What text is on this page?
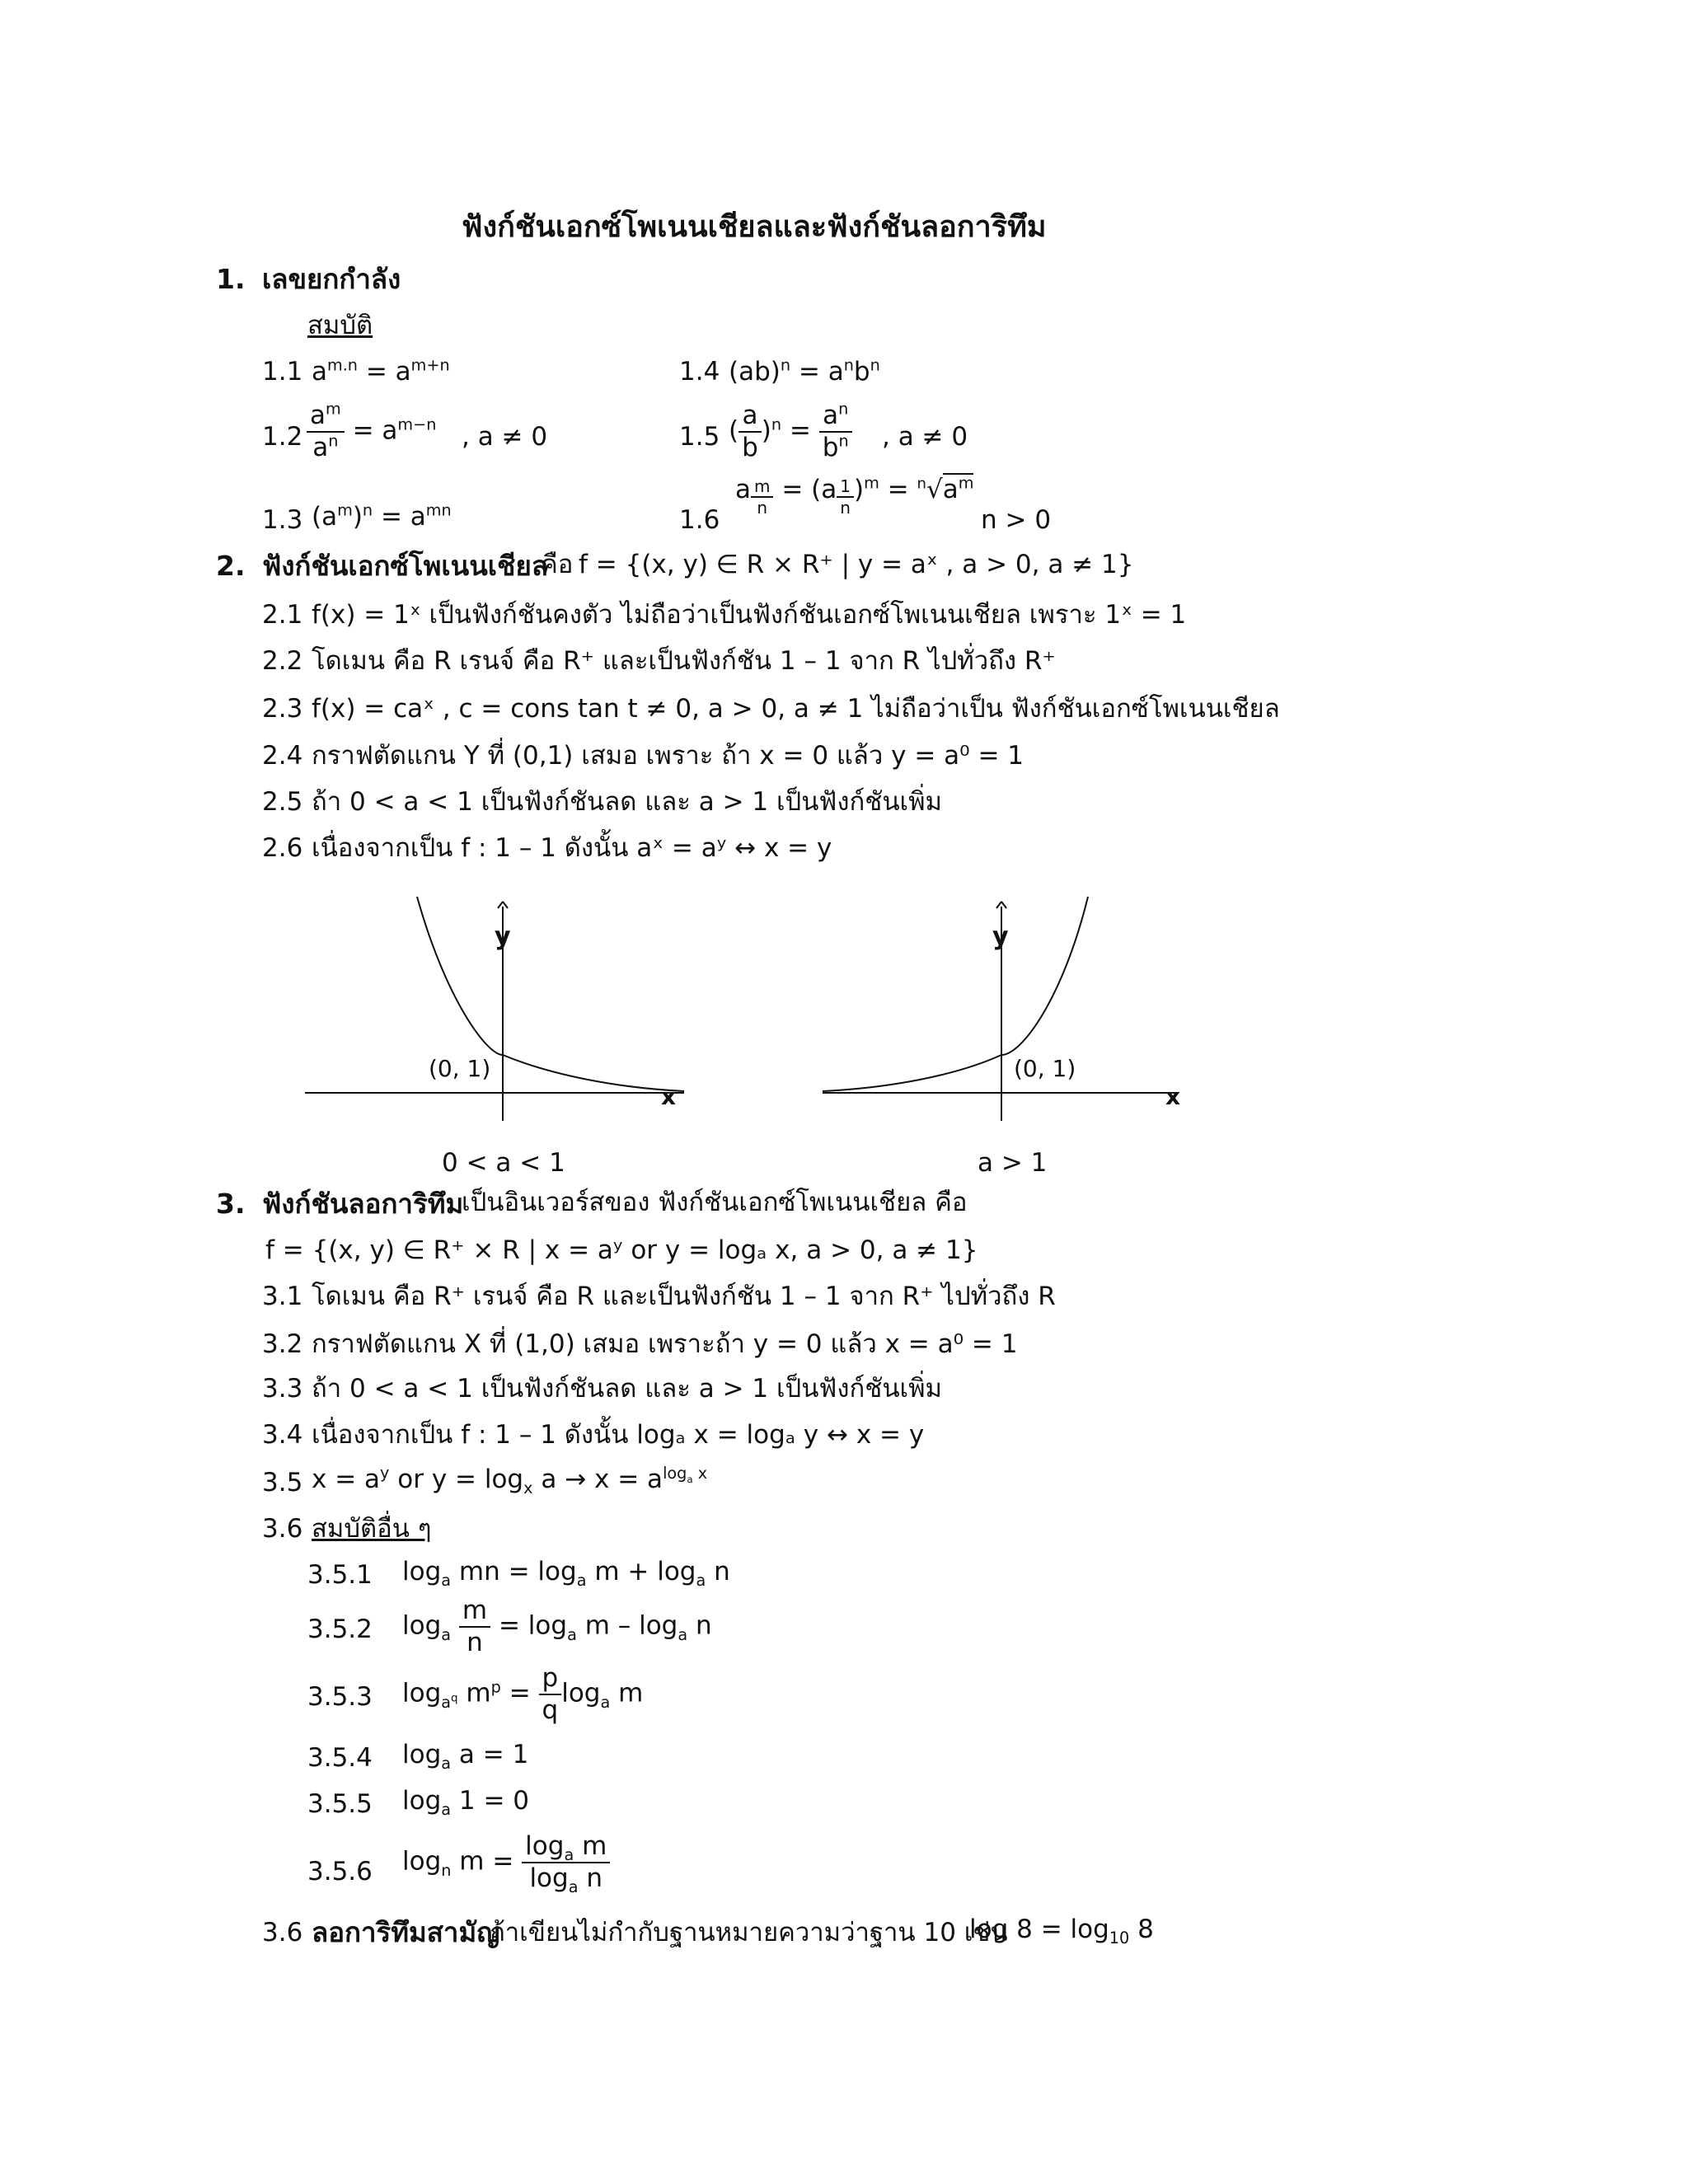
ฟังก์ชันเอกซ์โพเนนเชียลและฟังก์ชันลอการิทึม
1. เลขยกกำลัง
สมบัติ
1.1 $a^{m.n} = a^{m+n}$	1.4 $(ab)^n = a^nb^n$
$1.2 \frac{a^m}{a^n} = a^{m-n}$ , a ≠ 0	1.5 ( $\frac{a}{b} )^n = \frac{a^n}{b^n}$ , a ≠ 0
1.3 $(a^m)^n = a^{mn}$	1.6
a $\frac{m}{n} = (a \frac{1}{n} )^m = ^n√a^m$
n > 0
2. ฟังก์ชันเอกซ์โพเนนเชียล
คือ f = {(x, y) ∈ R × R⁺ | y = aˣ , a > 0, a ≠ 1}
2.1 f(x) = 1ˣ เป็นฟังก์ชันคงตัว ไม่ถือว่าเป็นฟังก์ชันเอกซ์โพเนนเชียล เพราะ 1ˣ = 1
2.2 โดเมน คือ R เรนจ์ คือ R⁺ และเป็นฟังก์ชัน 1 – 1 จาก R ไปทั่วถึง R⁺
2.3 f(x) = caˣ , c = cons tan t ≠ 0, a > 0, a ≠ 1 ไม่ถือว่าเป็น ฟังก์ชันเอกซ์โพเนนเชียล
2.4 กราฟตัดแกน Y ที่ (0,1) เสมอ เพราะ ถ้า x = 0 แล้ว y = a⁰ = 1
2.5 ถ้า 0 < a < 1 เป็นฟังก์ชันลด และ a > 1 เป็นฟังก์ชันเพิ่ม
2.6 เนื่องจากเป็น f : 1 – 1 ดังนั้น aˣ = aʸ ↔ x = y
y
x
(0, 1)
0 < a < 1
y
x
(0, 1)
a > 1
3. ฟังก์ชันลอการิทึม
เป็นอินเวอร์สของ ฟังก์ชันเอกซ์โพเนนเชียล คือ
f = {(x, y) ∈ R⁺ × R | x = aʸ or y = logₐ x, a > 0, a ≠ 1}
3.1 โดเมน คือ R⁺ เรนจ์ คือ R และเป็นฟังก์ชัน 1 – 1 จาก R⁺ ไปทั่วถึง R
3.2 กราฟตัดแกน X ที่ (1,0) เสมอ เพราะถ้า y = 0 แล้ว x = a⁰ = 1
3.3 ถ้า 0 < a < 1 เป็นฟังก์ชันลด และ a > 1 เป็นฟังก์ชันเพิ่ม
3.4 เนื่องจากเป็น f : 1 – 1 ดังนั้น logₐ x = logₐ y ↔ x = y
3.5 $x = a^y$ or $y = \log_x a \to x = a^{log_a x}$
3.6 สมบัติอื่น ๆ
3.5.1 $\log_a$ mn = $\log_a m + \log_a n$
3.5.2 $\log_a \frac{m}{n} = \log_a m - \log_a n$
3.5.3 $\log_{a^q} m^p = \frac{p}{q} \log_a m$
3.5.4 $\log_a a = 1$
3.5.5 $\log_a 1 = 0$
3.5.6 $\log_n m = \frac{\log_a m}{\log_a n}$
3.6 ลอการิทึมสามัญ
ถ้าเขียนไม่กำกับฐานหมายความว่าฐาน 10 เช่น
$\log 8 = \log_{10} 8$
